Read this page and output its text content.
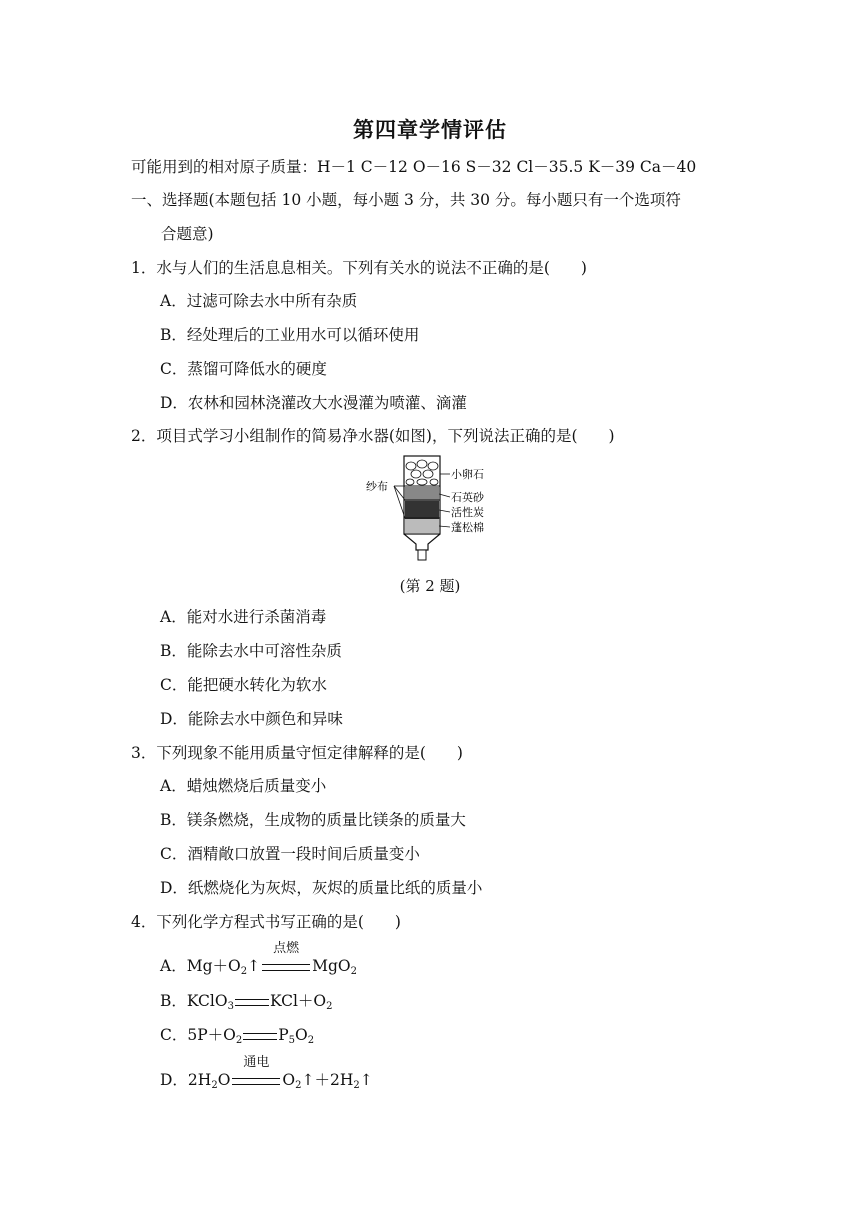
第四章学情评估
可能用到的相对原子质量：H－1 C－12 O－16 S－32 Cl－35.5 K－39 Ca－40
一、选择题(本题包括 10 小题，每小题 3 分，共 30 分。每小题只有一个选项符
合题意)
1．水与人们的生活息息相关。下列有关水的说法不正确的是(　　)
A．过滤可除去水中所有杂质
B．经处理后的工业用水可以循环使用
C．蒸馏可降低水的硬度
D．农林和园林浇灌改大水漫灌为喷灌、滴灌
2．项目式学习小组制作的简易净水器(如图)，下列说法正确的是(　　)
纱布
小卵石
石英砂
活性炭
蓬松棉
(第 2 题)
A．能对水进行杀菌消毒
B．能除去水中可溶性杂质
C．能把硬水转化为软水
D．能除去水中颜色和异味
3．下列现象不能用质量守恒定律解释的是(　　)
A．蜡烛燃烧后质量变小
B．镁条燃烧，生成物的质量比镁条的质量大
C．酒精敞口放置一段时间后质量变小
D．纸燃烧化为灰烬，灰烬的质量比纸的质量小
4．下列化学方程式书写正确的是(　　)
A．$Mg+O_2↑$
点燃
MgO$_2$
B．KClO$_3$ $KCl+O_2$
C．$5P+O_2$ $P_5O_2$
D．$2H_2O$
通电
$O_2↑+2H_2↑$
